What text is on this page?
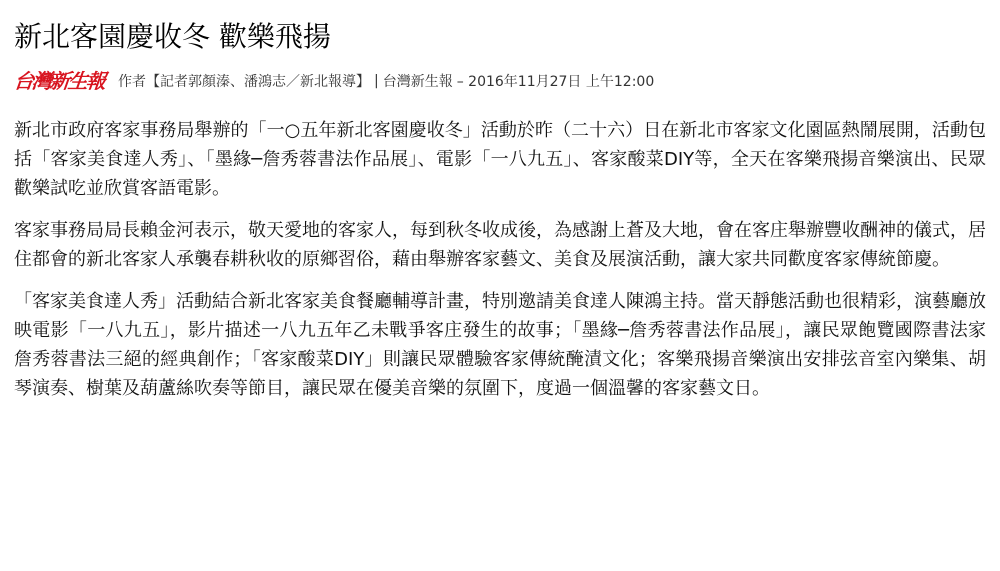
新北客園慶收冬 歡樂飛揚
台灣新生報 作者【記者郭顏溱、潘鴻志／新北報導】 | 台灣新生報 – 2016年11月27日 上午12:00

新北市政府客家事務局舉辦的「一○五年新北客園慶收冬」活動於昨（二十六）日在新北市客家文化園區熱鬧展開，活動包括「客家美食達人秀」、「墨緣─詹秀蓉書法作品展」、電影「一八九五」、客家酸菜DIY等，全天在客樂飛揚音樂演出、民眾歡樂試吃並欣賞客語電影。

客家事務局局長賴金河表示，敬天愛地的客家人，每到秋冬收成後，為感謝上蒼及大地，會在客庄舉辦豐收酬神的儀式，居住都會的新北客家人承襲春耕秋收的原鄉習俗，藉由舉辦客家藝文、美食及展演活動，讓大家共同歡度客家傳統節慶。

「客家美食達人秀」活動結合新北客家美食餐廳輔導計畫，特別邀請美食達人陳鴻主持。當天靜態活動也很精彩，演藝廳放映電影「一八九五」，影片描述一八九五年乙未戰爭客庄發生的故事；「墨緣─詹秀蓉書法作品展」，讓民眾飽覽國際書法家詹秀蓉書法三絕的經典創作；「客家酸菜DIY」則讓民眾體驗客家傳統醃漬文化；客樂飛揚音樂演出安排弦音室內樂集、胡琴演奏、樹葉及葫蘆絲吹奏等節目，讓民眾在優美音樂的氛圍下，度過一個溫馨的客家藝文日。
